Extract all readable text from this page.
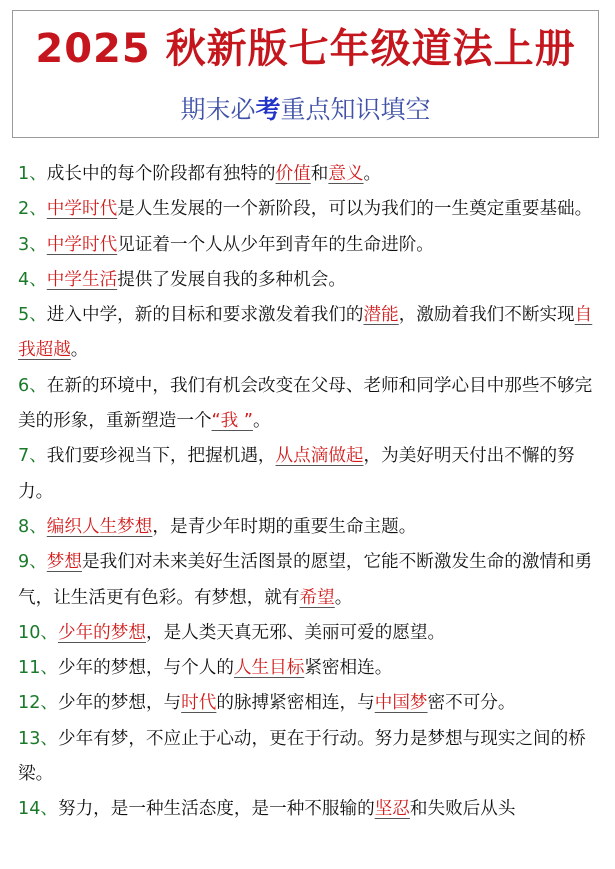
2025 秋新版七年级道法上册
期末必考重点知识填空

1、成长中的每个阶段都有独特的价值和意义。

2、中学时代是人生发展的一个新阶段，可以为我们的一生奠定重要基础。

3、中学时代见证着一个人从少年到青年的生命进阶。

4、中学生活提供了发展自我的多种机会。

5、进入中学，新的目标和要求激发着我们的潜能，激励着我们不断实现自我超越。

6、在新的环境中，我们有机会改变在父母、老师和同学心目中那些不够完美的形象，重新塑造一个“我 ”。

7、我们要珍视当下，把握机遇，从点滴做起，为美好明天付出不懈的努力。

8、编织人生梦想，是青少年时期的重要生命主题。

9、梦想是我们对未来美好生活图景的愿望，它能不断激发生命的激情和勇气，让生活更有色彩。有梦想，就有希望。

10、少年的梦想，是人类天真无邪、美丽可爱的愿望。

11、少年的梦想，与个人的人生目标紧密相连。

12、少年的梦想，与时代的脉搏紧密相连，与中国梦密不可分。

13、少年有梦，不应止于心动，更在于行动。努力是梦想与现实之间的桥梁。

14、努力，是一种生活态度，是一种不服输的坚忍和失败后从头
